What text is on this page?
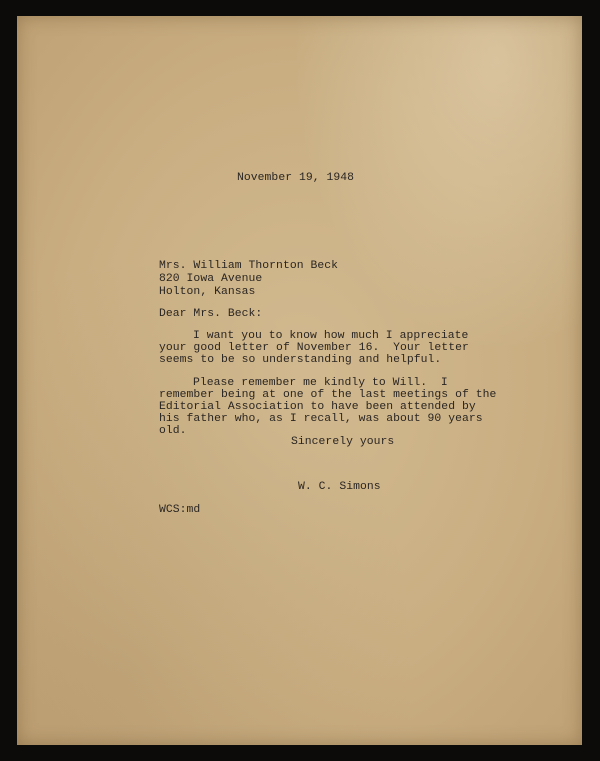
November 19, 1948
Mrs. William Thornton Beck
820 Iowa Avenue
Holton, Kansas
Dear Mrs. Beck:
I want you to know how much I appreciate
your good letter of November 16.  Your letter
seems to be so understanding and helpful.
Please remember me kindly to Will.  I
remember being at one of the last meetings of the
Editorial Association to have been attended by
his father who, as I recall, was about 90 years
old.
Sincerely yours
W. C. Simons
WCS:md
